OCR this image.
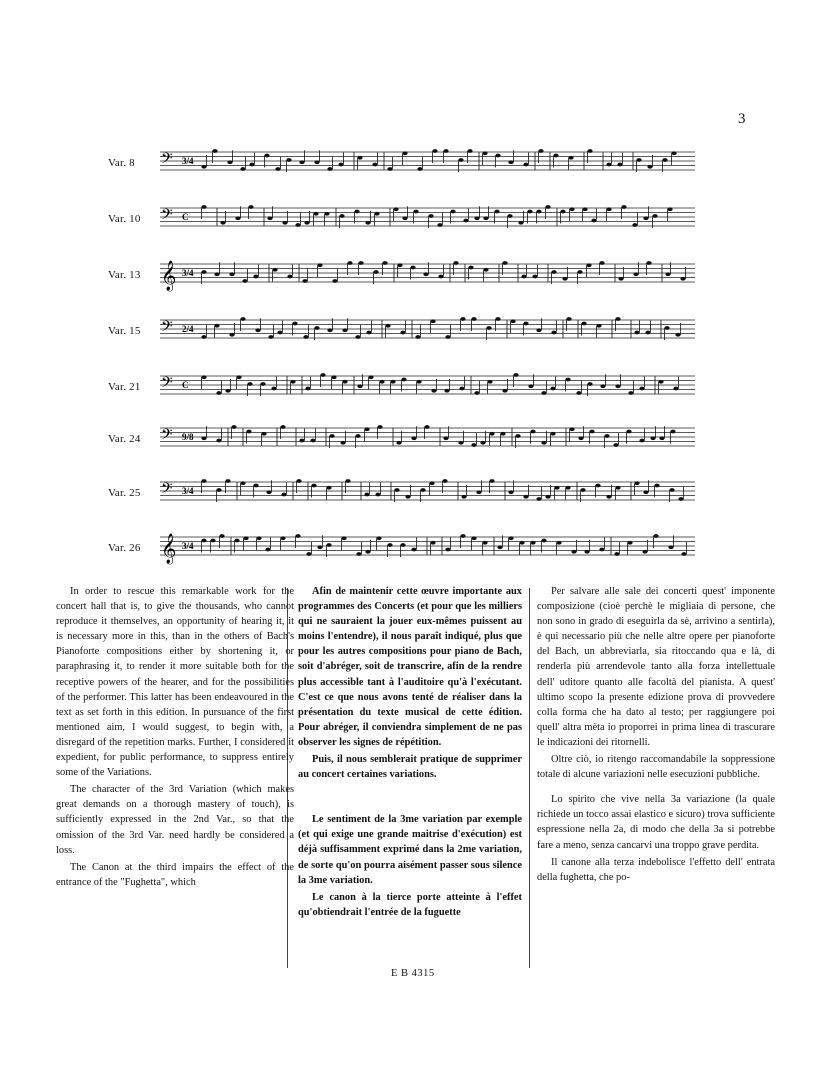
3
Var. 8 𝄢 3/4
Var. 10 𝄢 C
Var. 13 𝄞 3/4
Var. 15 𝄢 2/4
Var. 21 𝄢 C
Var. 24 𝄢 9/8
Var. 25 𝄢 3/4
Var. 26 𝄞 3/4

In order to rescue this remarkable work for the concert hall that is, to give the thousands, who cannot reproduce it themselves, an opportunity of hearing it, it is necessary more in this, than in the others of Bach's Pianoforte compositions either by shortening it, or paraphrasing it, to render it more suitable both for the receptive powers of the hearer, and for the possibilities of the performer. This latter has been endeavoured in the text as set forth in this edition. In pursuance of the first mentioned aim, I would suggest, to begin with, a disregard of the repetition marks. Further, I considered it expedient, for public performance, to suppress entirely some of the Variations.

The character of the 3rd Variation (which makes great demands on a thorough mastery of touch), is sufficiently expressed in the 2nd Var., so that the omission of the 3rd Var. need hardly be considered a loss.

The Canon at the third impairs the effect of the entrance of the "Fughetta", which

Afin de maintenir cette œuvre importante aux programmes des Concerts (et pour que les milliers qui ne sauraient la jouer eux-mêmes puissent au moins l'entendre), il nous paraît indiqué, plus que pour les autres compositions pour piano de Bach, soit d'abréger, soit de transcrire, afin de la rendre plus accessible tant à l'auditoire qu'à l'exécutant. C'est ce que nous avons tenté de réaliser dans la présentation du texte musical de cette édition. Pour abréger, il conviendra simplement de ne pas observer les signes de répétition.

Puis, il nous semblerait pratique de supprimer au concert certaines variations.

Le sentiment de la 3me variation par exemple (et qui exige une grande maitrise d'exécution) est déjà suffisamment exprimé dans la 2me variation, de sorte qu'on pourra aisément passer sous silence la 3me variation.

Le canon à la tierce porte atteinte à l'effet qu'obtiendrait l'entrée de la fuguette

Per salvare alle sale dei concerti quest' imponente composizione (cioè perchè le migliaia di persone, che non sono in grado di eseguirla da sè, arrivino a sentirla), è qui necessario più che nelle altre opere per pianoforte del Bach, un abbreviarla, sia ritoccando qua e là, di renderla più arrendevole tanto alla forza intellettuale dell' uditore quanto alle facoltà del pianista. A quest' ultimo scopo la presente edizione prova di provvedere colla forma che ha dato al testo; per raggiungere poi quell' altra mèta io proporrei in prima linea di trascurare le indicazioni dei ritornelli.

Oltre ciò, io ritengo raccomandabile la soppressione totale di alcune variazioni nelle esecuzioni pubbliche.

Lo spirito che vive nella 3a variazione (la quale richiede un tocco assai elastico e sicuro) trova sufficiente espressione nella 2a, di modo che della 3a si potrebbe fare a meno, senza cancarvi una troppo grave perdita.

Il canone alla terza indebolisce l'effetto dell' entrata della fughetta, che po-

E B 4315
